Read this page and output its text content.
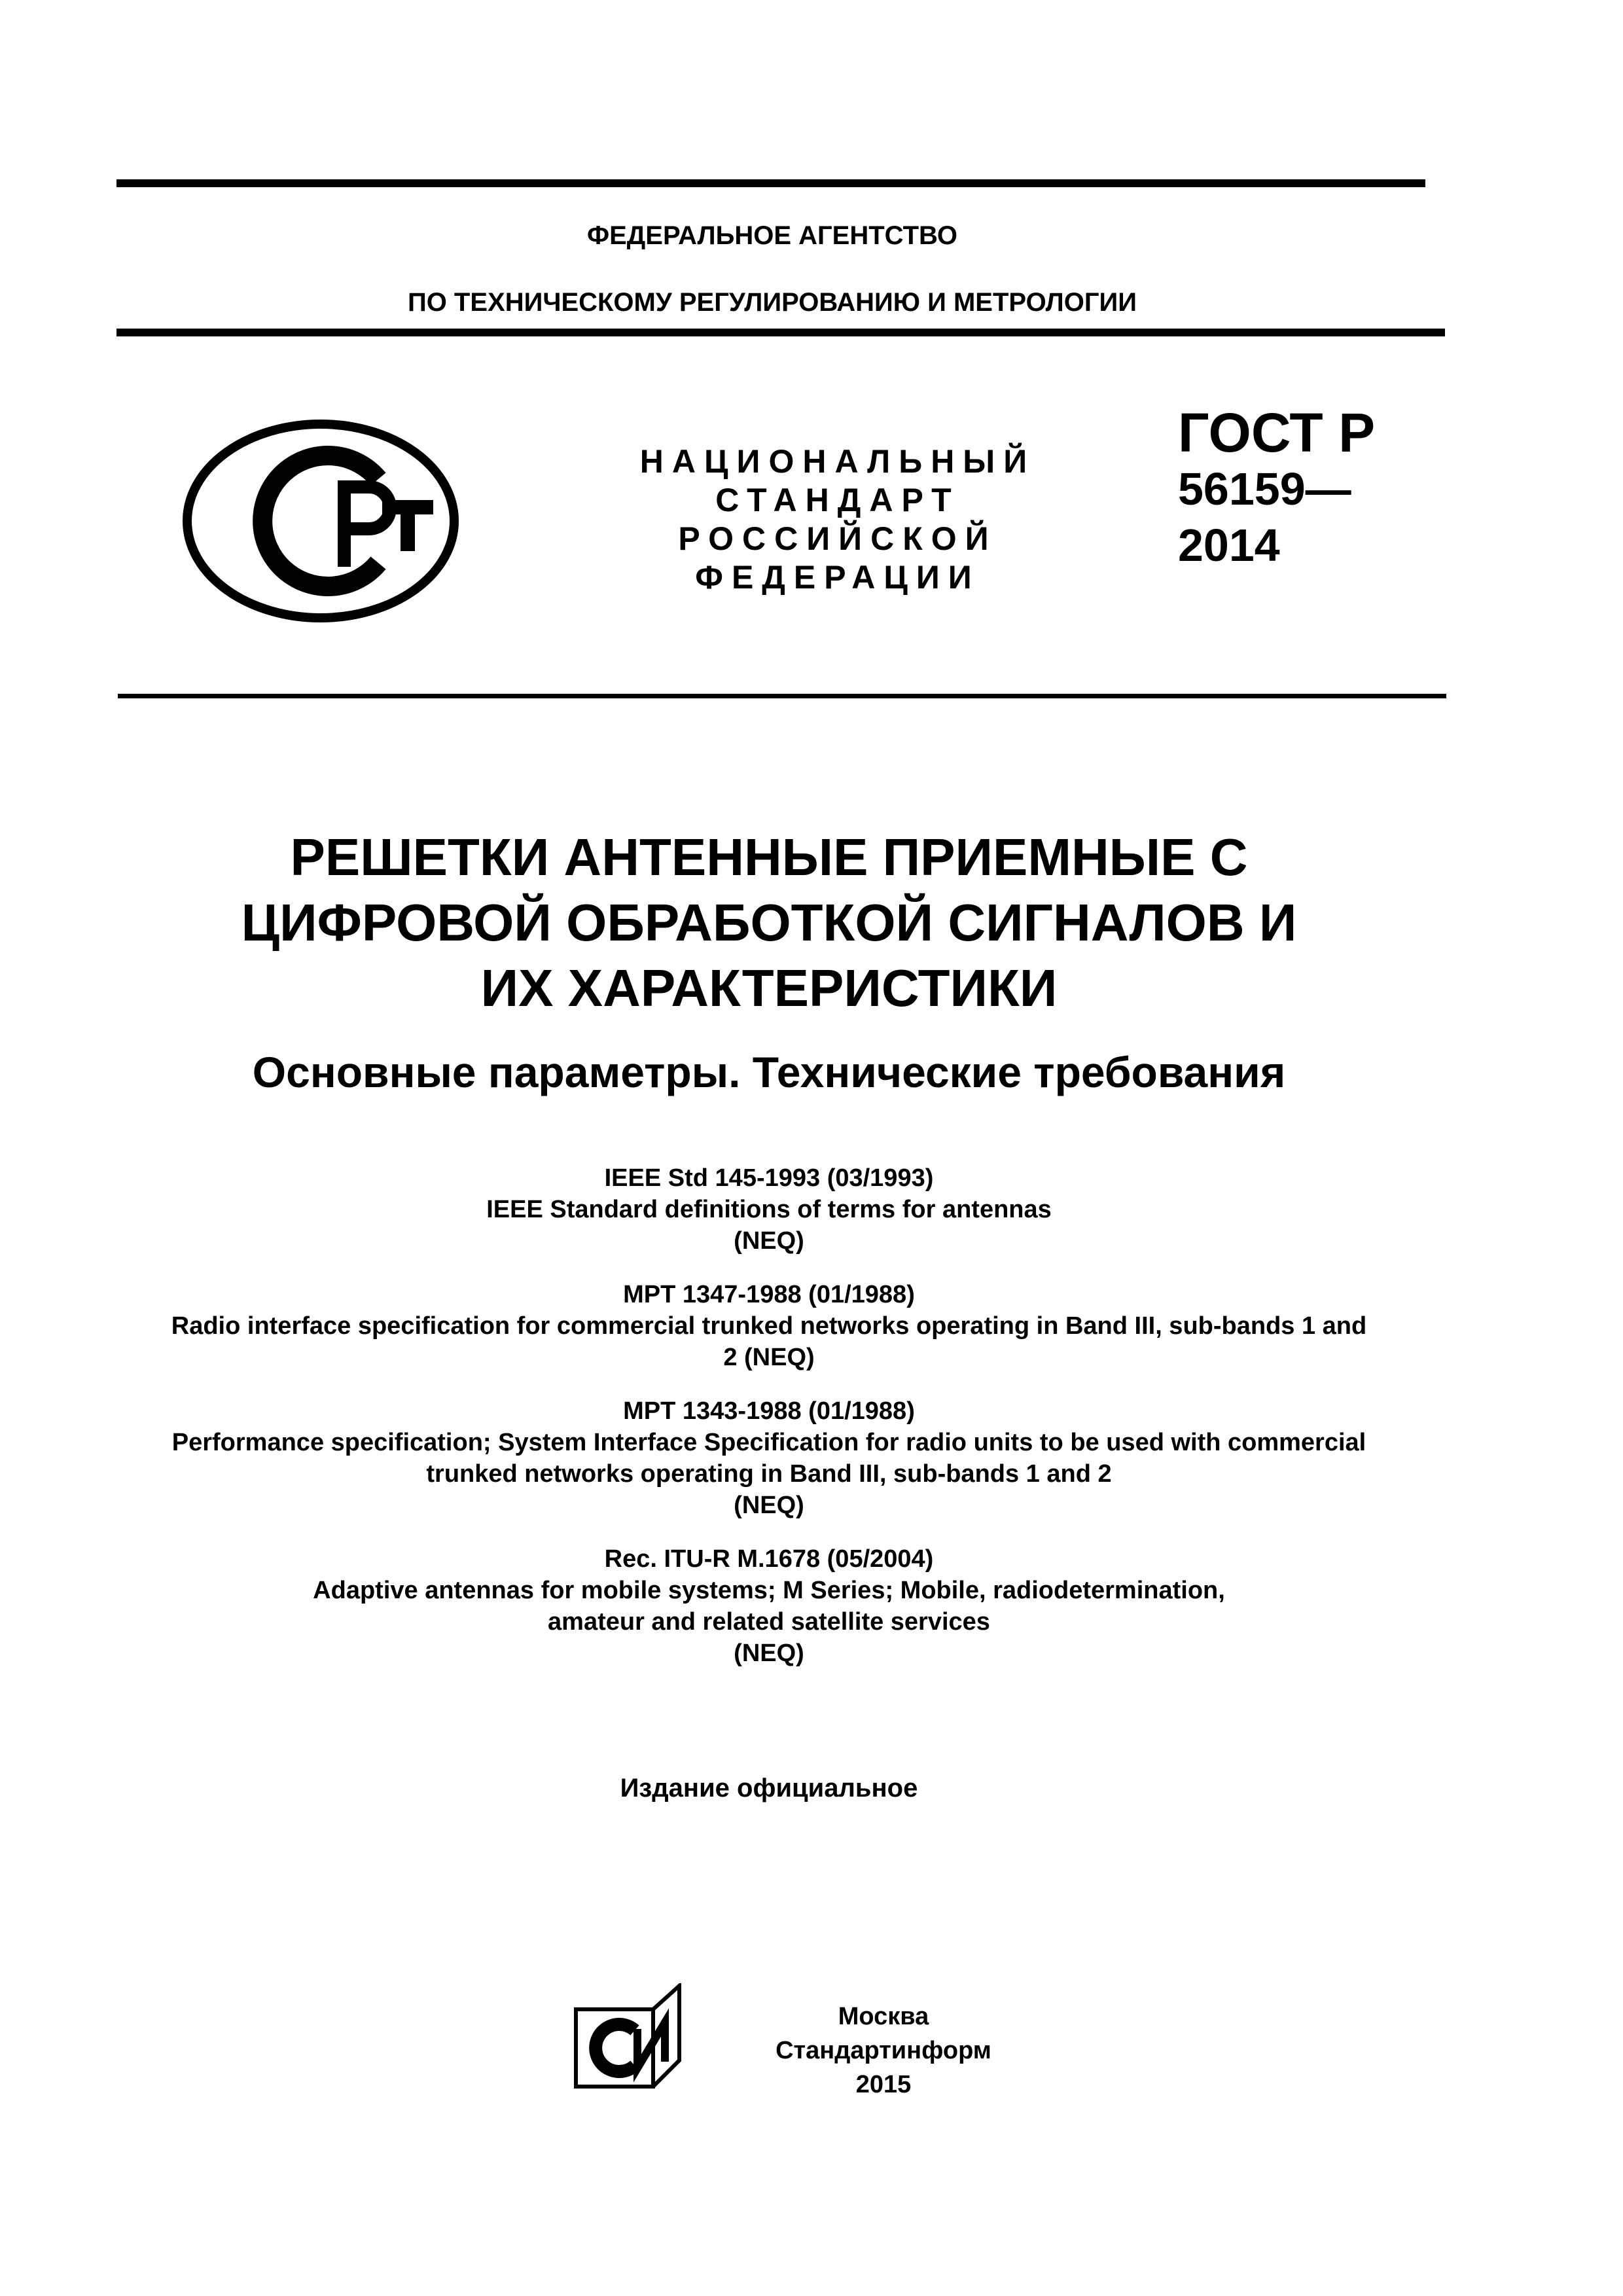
ФЕДЕРАЛЬНОЕ АГЕНТСТВО
ПО ТЕХНИЧЕСКОМУ РЕГУЛИРОВАНИЮ И МЕТРОЛОГИИ
НАЦИОНАЛЬНЫЙ
СТАНДАРТ
РОССИЙСКОЙ
ФЕДЕРАЦИИ
ГОСТ Р
56159—
2014
РЕШЕТКИ АНТЕННЫЕ ПРИЕМНЫЕ С
ЦИФРОВОЙ ОБРАБОТКОЙ СИГНАЛОВ И
ИХ ХАРАКТЕРИСТИКИ
Основные параметры. Технические требования
IEEE Std 145-1993 (03/1993)
IEEE Standard definitions of terms for antennas
(NEQ)
MPT 1347-1988 (01/1988)
Radio interface specification for commercial trunked networks operating in Band III, sub-bands 1 and
2 (NEQ)
MPT 1343-1988 (01/1988)
Performance specification; System Interface Specification for radio units to be used with commercial
trunked networks operating in Band III, sub-bands 1 and 2
(NEQ)
Rec. ITU-R M.1678 (05/2004)
Adaptive antennas for mobile systems; M Series; Mobile, radiodetermination,
amateur and related satellite services
(NEQ)
Издание официальное
Москва
Стандартинформ
2015
